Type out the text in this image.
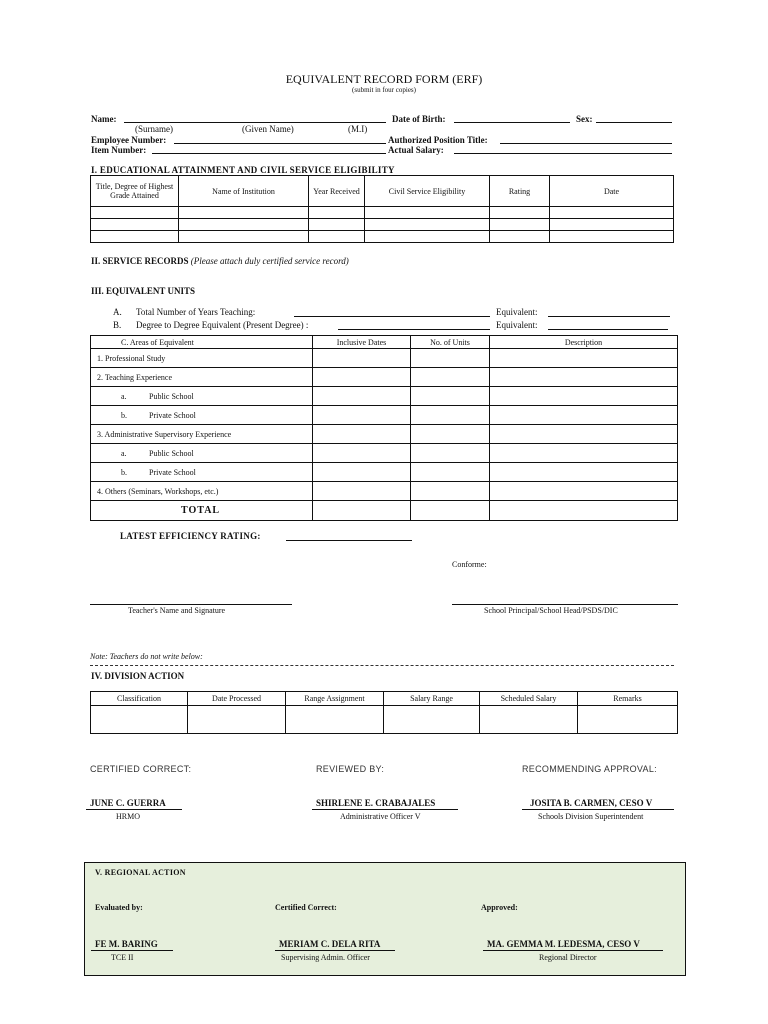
EQUIVALENT RECORD FORM (ERF)
(submit in four copies)
Name:	Date of Birth:	Sex:
(Surname)	(Given Name)	(M.I)
Employee Number:	Authorized Position Title:
Item Number:	Actual Salary:
I. EDUCATIONAL ATTAINMENT AND CIVIL SERVICE ELIGIBILITY
Title, Degree of Highest Grade Attained	Name of Institution	Year Received	Civil Service Eligibility	Rating	Date

II. SERVICE RECORDS (Please attach duly certified service record)
III. EQUIVALENT UNITS
A. Total Number of Years Teaching:	Equivalent:
B. Degree to Degree Equivalent (Present Degree) :	Equivalent:
C. Areas of Equivalent	Inclusive Dates	No. of Units	Description
1. Professional Study			
2. Teaching Experience			
a. Public School			
b. Private School			
3. Administrative Supervisory Experience			
a. Public School			
b. Private School			
4. Others (Seminars, Workshops, etc.)			
TOTAL			
LATEST EFFICIENCY RATING:
Conforme:
Teacher's Name and Signature	School Principal/School Head/PSDS/DIC
Note: Teachers do not write below:
IV. DIVISION ACTION
Classification	Date Processed	Range Assignment	Salary Range	Scheduled Salary	Remarks

CERTIFIED CORRECT:	REVIEWED BY:	RECOMMENDING APPROVAL:
JUNE C. GUERRA
HRMO
SHIRLENE E. CRABAJALES
Administrative Officer V
JOSITA B. CARMEN, CESO V
Schools Division Superintendent
V. REGIONAL ACTION
Evaluated by:	Certified Correct:	Approved:
FE M. BARING
TCE II
MERIAM C. DELA RITA
Supervising Admin. Officer
MA. GEMMA M. LEDESMA, CESO V
Regional Director
